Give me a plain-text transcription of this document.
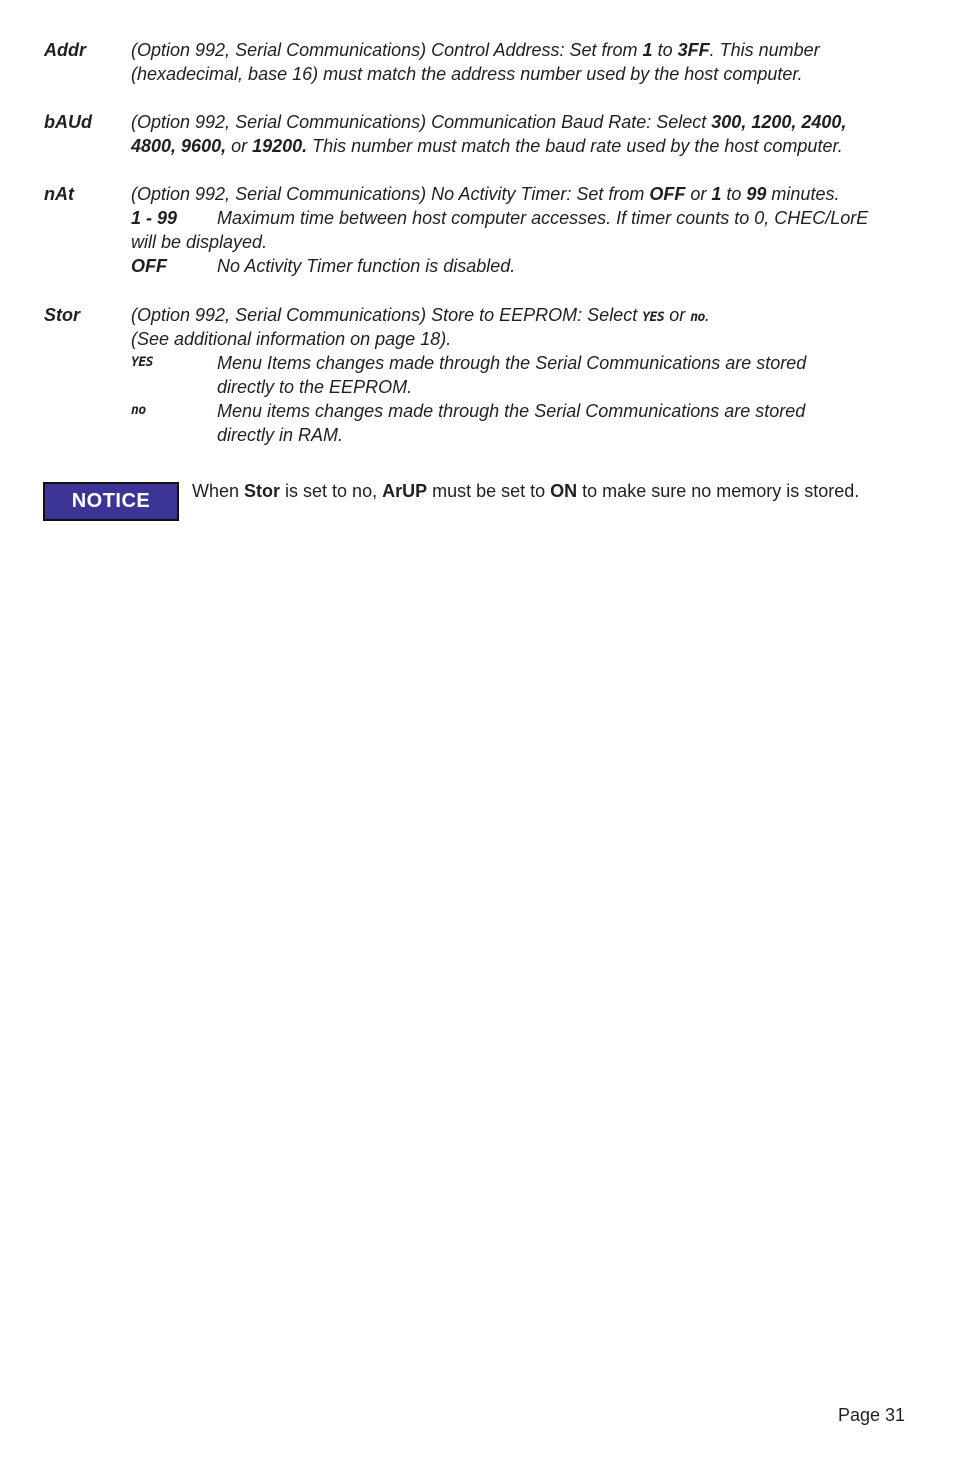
Addr	(Option 992, Serial Communications) Control Address: Set from 1 to 3FF. This number
(hexadecimal, base 16) must match the address number used by the host computer.
bAUd (Option 992, Serial Communications) Communication Baud Rate: Select 300, 1200, 2400,
4800, 9600, or 19200. This number must match the baud rate used by the host computer.
nAt	(Option 992, Serial Communications) No Activity Timer: Set from OFF or 1 to 99 minutes.
1 - 99 Maximum time between host computer accesses. If timer counts to 0, CHEC/LorE
will be displayed.
OFF	No Activity Timer function is disabled.
Stor	(Option 992, Serial Communications) Store to EEPROM: Select YES or no.
(See additional information on page 18).
YES	Menu Items changes made through the Serial Communications are stored
directly to the EEPROM.
no	Menu items changes made through the Serial Communications are stored
directly in RAM.
NOTICE	When Stor is set to no, ArUP must be set to ON to make sure no memory is stored.
Page 31
